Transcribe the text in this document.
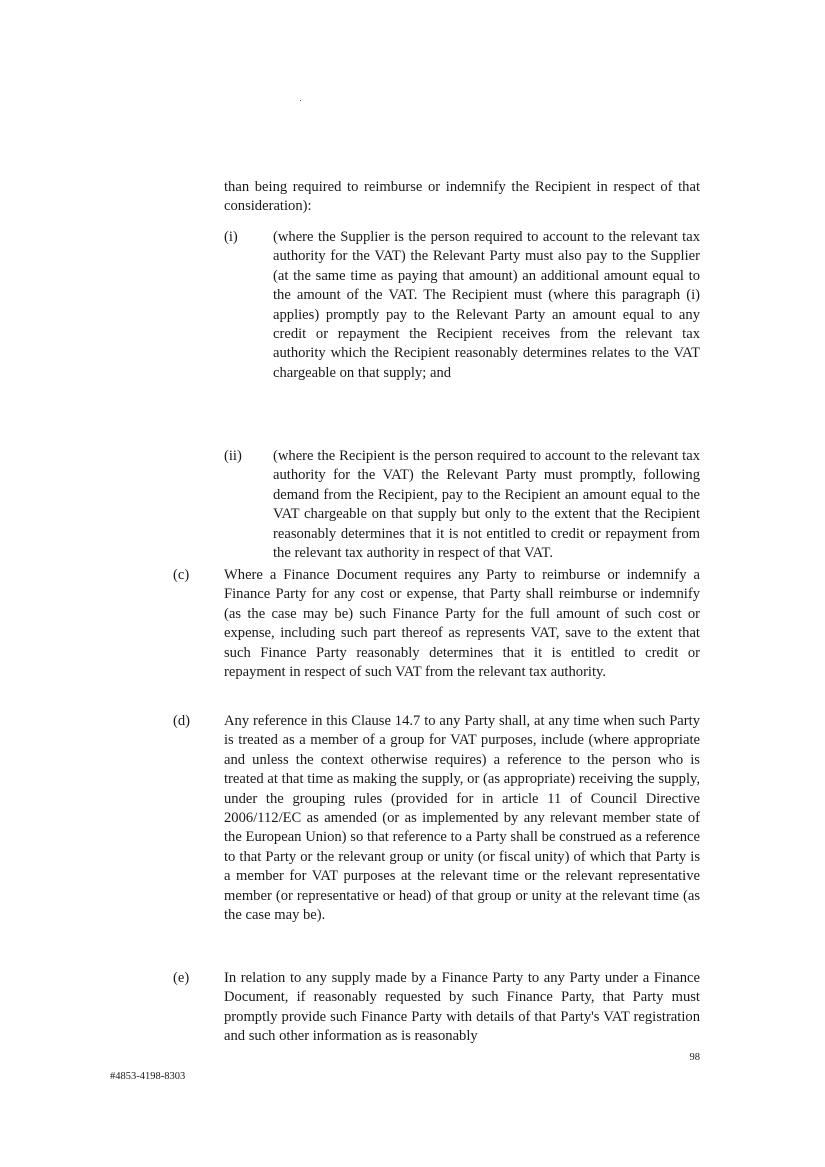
than being required to reimburse or indemnify the Recipient in respect of that consideration):

(i) (where the Supplier is the person required to account to the relevant tax authority for the VAT) the Relevant Party must also pay to the Supplier (at the same time as paying that amount) an additional amount equal to the amount of the VAT. The Recipient must (where this paragraph (i) applies) promptly pay to the Relevant Party an amount equal to any credit or repayment the Recipient receives from the relevant tax authority which the Recipient reasonably determines relates to the VAT chargeable on that supply; and

(ii) (where the Recipient is the person required to account to the relevant tax authority for the VAT) the Relevant Party must promptly, following demand from the Recipient, pay to the Recipient an amount equal to the VAT chargeable on that supply but only to the extent that the Recipient reasonably determines that it is not entitled to credit or repayment from the relevant tax authority in respect of that VAT.

(c) Where a Finance Document requires any Party to reimburse or indemnify a Finance Party for any cost or expense, that Party shall reimburse or indemnify (as the case may be) such Finance Party for the full amount of such cost or expense, including such part thereof as represents VAT, save to the extent that such Finance Party reasonably determines that it is entitled to credit or repayment in respect of such VAT from the relevant tax authority.

(d) Any reference in this Clause 14.7 to any Party shall, at any time when such Party is treated as a member of a group for VAT purposes, include (where appropriate and unless the context otherwise requires) a reference to the person who is treated at that time as making the supply, or (as appropriate) receiving the supply, under the grouping rules (provided for in article 11 of Council Directive 2006/112/EC as amended (or as implemented by any relevant member state of the European Union) so that reference to a Party shall be construed as a reference to that Party or the relevant group or unity (or fiscal unity) of which that Party is a member for VAT purposes at the relevant time or the relevant representative member (or representative or head) of that group or unity at the relevant time (as the case may be).

(e) In relation to any supply made by a Finance Party to any Party under a Finance Document, if reasonably requested by such Finance Party, that Party must promptly provide such Finance Party with details of that Party's VAT registration and such other information as is reasonably

98
#4853-4198-8303
